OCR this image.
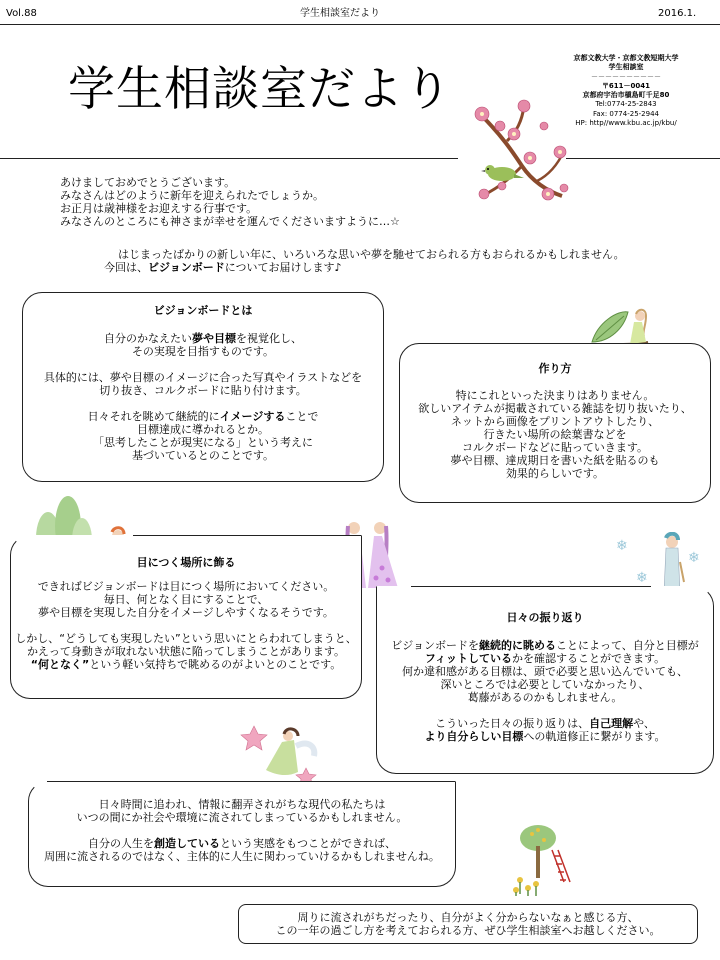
Vol.88	学生相談室だより	2016.1.
学生相談室だより
京都文教大学・京都文教短期大学
学生相談室
－－－－－－－－－－
〒611－0041
京都府宇治市槇島町千足80
Tel:0774-25-2843
Fax: 0774-25-2944
HP: http//www.kbu.ac.jp/kbu/
あけましておめでとうございます。
みなさんはどのように新年を迎えられたでしょうか。
お正月は歳神様をお迎えする行事です。
みなさんのところにも神さまが幸せを運んでくださいますように…☆
はじまったばかりの新しい年に、いろいろな思いや夢を馳せておられる方もおられるかもしれません。
今回は、ビジョンボードについてお届けします♪
ビジョンボードとは
自分のかなえたい夢や目標を視覚化し、
その実現を目指すものです。
具体的には、夢や目標のイメージに合った写真やイラストなどを
切り抜き、コルクボードに貼り付けます。
日々それを眺めて継続的にイメージすることで
目標達成に導かれるとか。
「思考したことが現実になる」という考えに
基づいているとのことです。
作り方
特にこれといった決まりはありません。
欲しいアイテムが掲載されている雑誌を切り抜いたり、
ネットから画像をプリントアウトしたり、
行きたい場所の絵葉書などを
コルクボードなどに貼っていきます。
夢や目標、達成期日を書いた紙を貼るのも
効果的らしいです。
❄
❄
❄
目につく場所に飾る
できればビジョンボードは目につく場所においてください。
毎日、何となく目にすることで、
夢や目標を実現した自分をイメージしやすくなるそうです。
しかし、“どうしても実現したい”という思いにとらわれてしまうと、
かえって身動きが取れない状態に陥ってしまうことがあります。
“何となく”という軽い気持ちで眺めるのがよいとのことです。
日々の振り返り
ビジョンボードを継続的に眺めることによって、自分と目標が
フィットしているかを確認することができます。
何か違和感がある目標は、頭で必要と思い込んでいても、
深いところでは必要としていなかったり、
葛藤があるのかもしれません。
こういった日々の振り返りは、自己理解や、
より自分らしい目標への軌道修正に繋がります。
日々時間に追われ、情報に翻弄されがちな現代の私たちは
いつの間にか社会や環境に流されてしまっているかもしれません。
自分の人生を創造しているという実感をもつことができれば、
周囲に流されるのではなく、主体的に人生に関わっていけるかもしれませんね。
周りに流されがちだったり、自分がよく分からないなぁと感じる方、
この一年の過ごし方を考えておられる方、ぜひ学生相談室へお越しください。
